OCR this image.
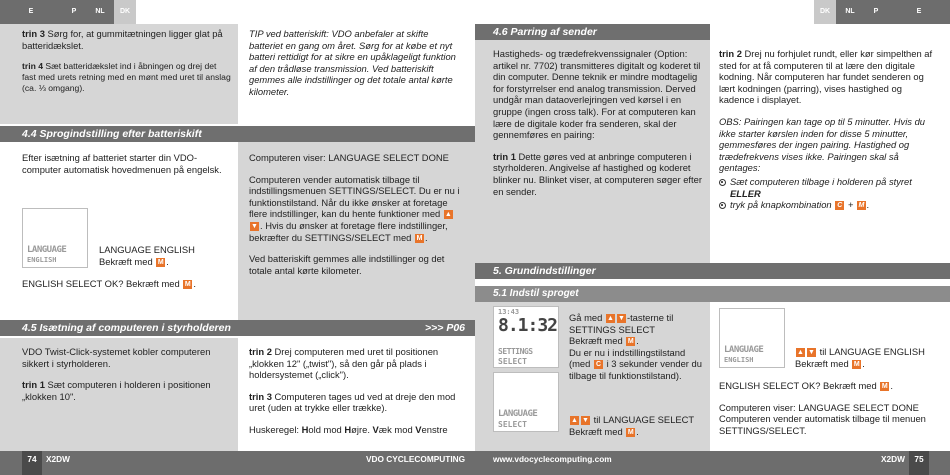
E	P	NL	DK	DK	NL	P	E

trin 3 Sørg for, at gummitætningen ligger glat på batteridækslet.

trin 4 Sæt batteridækslet ind i åbningen og drej det fast med urets retning med en mønt med uret til anslag (ca. ⅓ omgang).

TIP ved batteriskift: VDO anbefaler at skifte batteriet en gang om året. Sørg for at købe et nyt batteri rettidigt for at sikre en upåklageligt funktion af den trådløse transmission. Ved batteriskift gemmes alle indstillinger og det totale antal kørte kilometer.
4.4 Sprogindstilling efter batteriskift
Efter isætning af batteriet starter din VDO-computer automatisk hovedmenuen på engelsk.
LANGUAGE
ENGLISH
LANGUAGE ENGLISH
Bekræft med M .
ENGLISH SELECT OK? Bekræft med M .

Computeren viser: LANGUAGE SELECT DONE

Computeren vender automatisk tilbage til indstillingsmenuen SETTINGS/SELECT. Du er nu i funktionstilstand. Når du ikke ønsker at foretage flere indstillinger, kan du hente funktioner med ▲▼ . Hvis du ønsker at foretage flere indstillinger, bekræfter du SETTINGS/SELECT med M .

Ved batteriskift gemmes alle indstillinger og det totale antal kørte kilometer.

4.5 Isætning af computeren i styrholderen	>>> P06

VDO Twist-Click-systemet kobler computeren sikkert i styrholderen.

trin 1 Sæt computeren i holderen i positionen „klokken 10".

trin 2 Drej computeren med uret til positionen „klokken 12" („twist"), så den går på plads i holdersystemet („click").

trin 3 Computeren tages ud ved at dreje den mod uret (uden at trykke eller trække).

Huskeregel: Hold mod Højre. Væk mod Venstre

74	X2DW	VDO CYCLECOMPUTING
4.6 Parring af sender

Hastigheds- og trædefrekvenssignaler (Option: artikel nr. 7702) transmitteres digitalt og koderet til din computer. Denne teknik er mindre modtagelig for forstyrrelser end analog transmission. Derved undgår man dataoverlejringen ved kørsel i en gruppe (ingen cross talk). For at computeren kan lære de digitale koder fra senderen, skal der gennemføres en pairing:

trin 1 Dette gøres ved at anbringe computeren i styrholderen. Angivelse af hastighed og koderet blinker nu. Blinket viser, at computeren søger efter en sender.

trin 2 Drej nu forhjulet rundt, eller kør simpelthen af sted for at få computeren til at lære den digitale kodning. Når computeren har fundet senderen og lært kodningen (parring), vises hastighed og kadence i displayet.

OBS: Pairingen kan tage op til 5 minutter. Hvis du ikke starter kørslen inden for disse 5 minutter, gemmesføres der ingen pairing. Hastighed og trædefrekvens vises ikke. Pairingen skal så gentages:

Sæt computeren tilbage i holderen på styret
ELLER
tryk på knapkombination C + M .
5. Grundindstillinger
5.1 Indstil sproget
13:43
8.1:32
SETTINGS
SELECT
Gå med ▲ ▼ -tasterne til SETTINGS SELECT
Bekræft med M .
Du er nu i indstillingstilstand (med C i 3 sekunder vender du tilbage til funktionstilstand).
LANGUAGE
SELECT	▲ ▼ til LANGUAGE SELECT
Bekræft med M .
LANGUAGE
ENGLISH
▲ ▼ til LANGUAGE ENGLISH
Bekræft med M .

ENGLISH SELECT OK? Bekræft med M .

Computeren viser: LANGUAGE SELECT DONE
Computeren vender automatisk tilbage til menuen SETTINGS/SELECT.
www.vdocyclecomputing.com	X2DW	75
